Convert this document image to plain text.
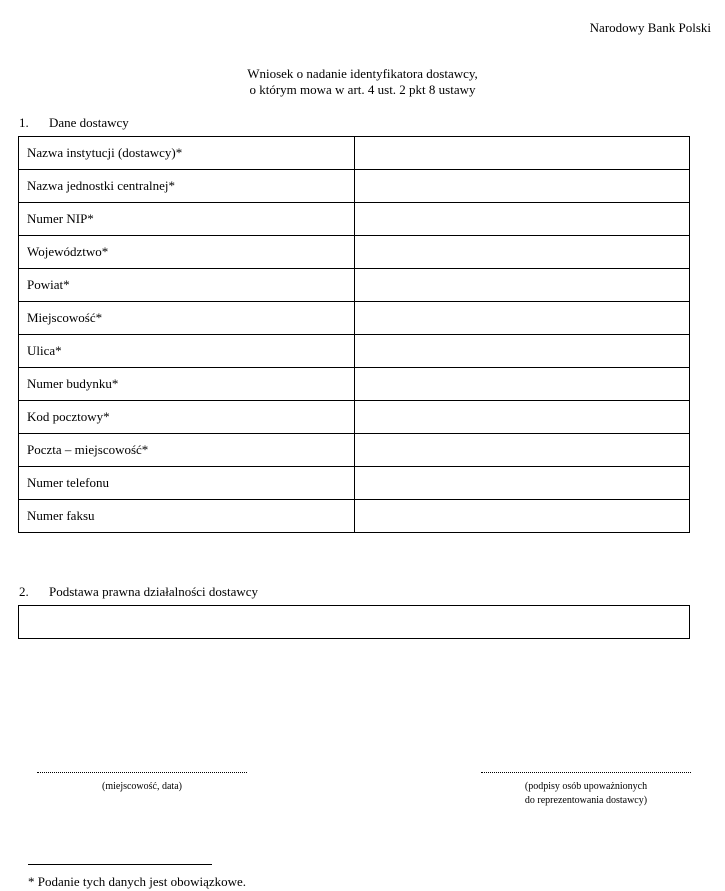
Narodowy Bank Polski
Wniosek o nadanie identyfikatora dostawcy,
o którym mowa w art. 4 ust. 2 pkt 8 ustawy
1. Dane dostawcy
Nazwa instytucji (dostawcy)*	
Nazwa jednostki centralnej*	
Numer NIP*	
Województwo*	
Powiat*	
Miejscowość*	
Ulica*	
Numer budynku*	
Kod pocztowy*	
Poczta – miejscowość*	
Numer telefonu	
Numer faksu	
2. Podstawa prawna działalności dostawcy
(miejscowość, data)	(podpisy osób upoważnionych
do reprezentowania dostawcy)
* Podanie tych danych jest obowiązkowe.
